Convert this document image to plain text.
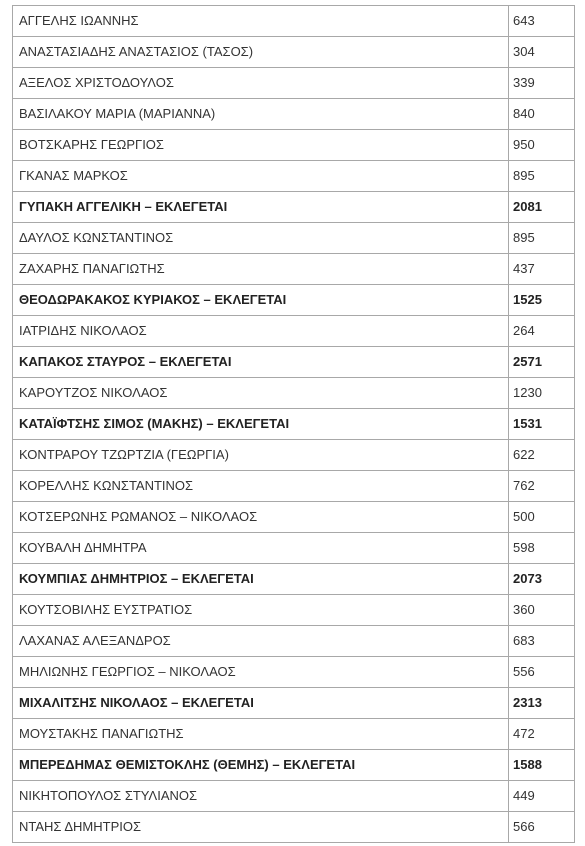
ΑΓΓΕΛΗΣ ΙΩΑΝΝΗΣ	643
ΑΝΑΣΤΑΣΙΑΔΗΣ ΑΝΑΣΤΑΣΙΟΣ (ΤΑΣΟΣ)	304
ΑΞΕΛΟΣ ΧΡΙΣΤΟΔΟΥΛΟΣ	339
ΒΑΣΙΛΑΚΟΥ ΜΑΡΙΑ (ΜΑΡΙΑΝΝΑ)	840
ΒΟΤΣΚΑΡΗΣ ΓΕΩΡΓΙΟΣ	950
ΓΚΑΝΑΣ ΜΑΡΚΟΣ	895
ΓΥΠΑΚΗ ΑΓΓΕΛΙΚΗ – ΕΚΛΕΓΕΤΑΙ	2081
ΔΑΥΛΟΣ ΚΩΝΣΤΑΝΤΙΝΟΣ	895
ΖΑΧΑΡΗΣ ΠΑΝΑΓΙΩΤΗΣ	437
ΘΕΟΔΩΡΑΚΑΚΟΣ ΚΥΡΙΑΚΟΣ – ΕΚΛΕΓΕΤΑΙ	1525
ΙΑΤΡΙΔΗΣ ΝΙΚΟΛΑΟΣ	264
ΚΑΠΑΚΟΣ ΣΤΑΥΡΟΣ – ΕΚΛΕΓΕΤΑΙ	2571
ΚΑΡΟΥΤΖΟΣ ΝΙΚΟΛΑΟΣ	1230
ΚΑΤΑΪΦΤΣΗΣ ΣΙΜΟΣ (ΜΑΚΗΣ) – ΕΚΛΕΓΕΤΑΙ	1531
ΚΟΝΤΡΑΡΟΥ ΤΖΩΡΤΖΙΑ (ΓΕΩΡΓΙΑ)	622
ΚΟΡΕΛΛΗΣ ΚΩΝΣΤΑΝΤΙΝΟΣ	762
ΚΟΤΣΕΡΩΝΗΣ ΡΩΜΑΝΟΣ – ΝΙΚΟΛΑΟΣ	500
ΚΟΥΒΑΛΗ ΔΗΜΗΤΡΑ	598
ΚΟΥΜΠΙΑΣ ΔΗΜΗΤΡΙΟΣ – ΕΚΛΕΓΕΤΑΙ	2073
ΚΟΥΤΣΟΒΙΛΗΣ ΕΥΣΤΡΑΤΙΟΣ	360
ΛΑΧΑΝΑΣ ΑΛΕΞΑΝΔΡΟΣ	683
ΜΗΛΙΩΝΗΣ ΓΕΩΡΓΙΟΣ – ΝΙΚΟΛΑΟΣ	556
ΜΙΧΑΛΙΤΣΗΣ ΝΙΚΟΛΑΟΣ – ΕΚΛΕΓΕΤΑΙ	2313
ΜΟΥΣΤΑΚΗΣ ΠΑΝΑΓΙΩΤΗΣ	472
ΜΠΕΡΕΔΗΜΑΣ ΘΕΜΙΣΤΟΚΛΗΣ (ΘΕΜΗΣ) – ΕΚΛΕΓΕΤΑΙ	1588
ΝΙΚΗΤΟΠΟΥΛΟΣ ΣΤΥΛΙΑΝΟΣ	449
ΝΤΑΗΣ ΔΗΜΗΤΡΙΟΣ	566
